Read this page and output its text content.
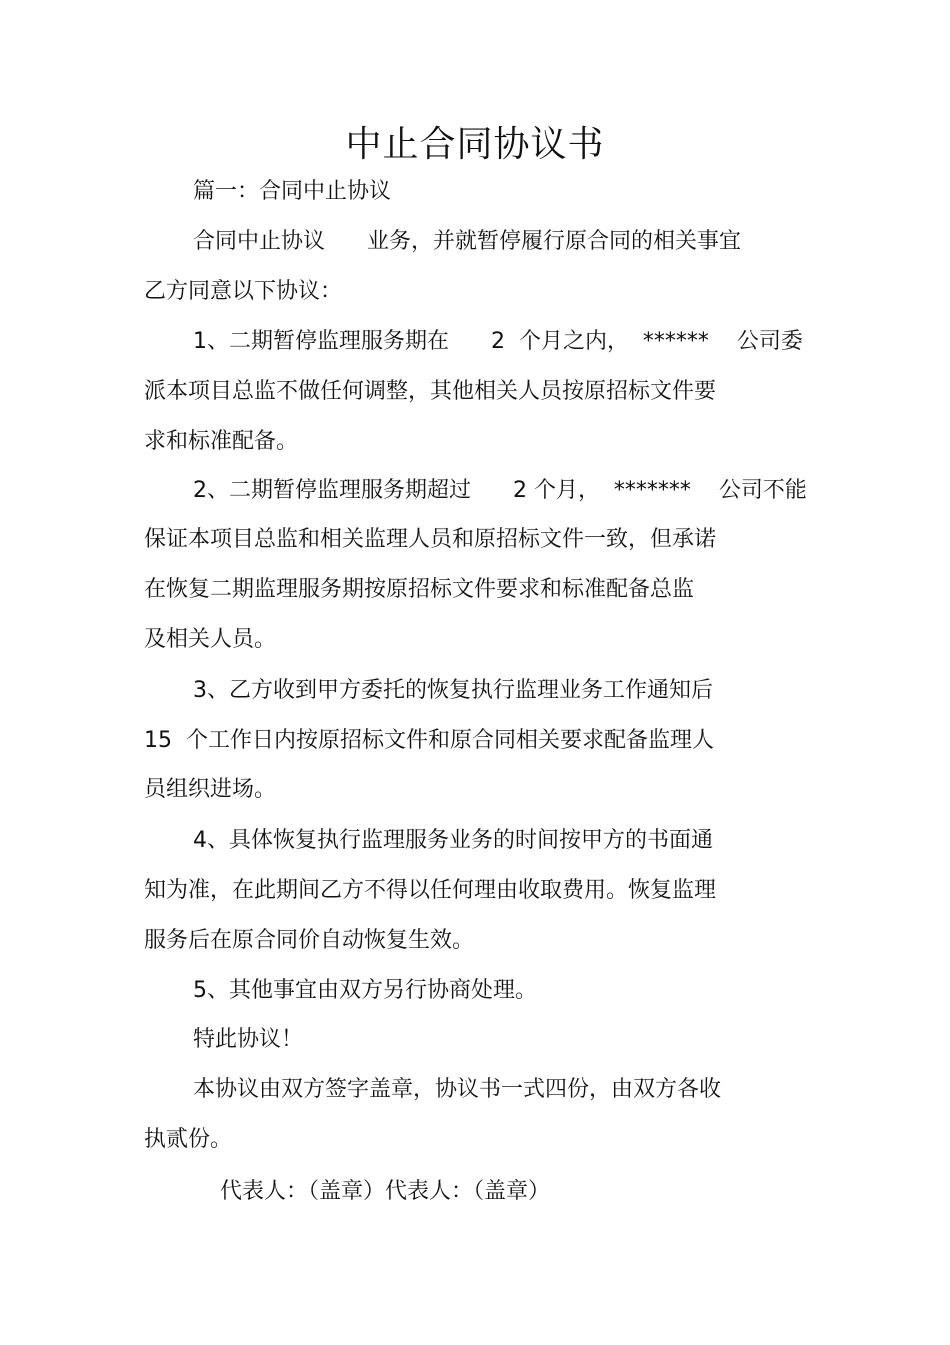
中止合同协议书
篇一：合同中止协议
合同中止协议      业务，并就暂停履行原合同的相关事宜
乙方同意以下协议：
1、二期暂停监理服务期在      2  个月之内，  ******    公司委
派本项目总监不做任何调整，其他相关人员按原招标文件要
求和标准配备。
2、二期暂停监理服务期超过      2 个月，  *******    公司不能
保证本项目总监和相关监理人员和原招标文件一致，但承诺
在恢复二期监理服务期按原招标文件要求和标准配备总监
及相关人员。
3、乙方收到甲方委托的恢复执行监理业务工作通知后
15  个工作日内按原招标文件和原合同相关要求配备监理人
员组织进场。
4、具体恢复执行监理服务业务的时间按甲方的书面通
知为准，在此期间乙方不得以任何理由收取费用。恢复监理
服务后在原合同价自动恢复生效。
5、其他事宜由双方另行协商处理。
特此协议！
本协议由双方签字盖章，协议书一式四份，由双方各收
执贰份。
代表人：（盖章）代表人：（盖章）
